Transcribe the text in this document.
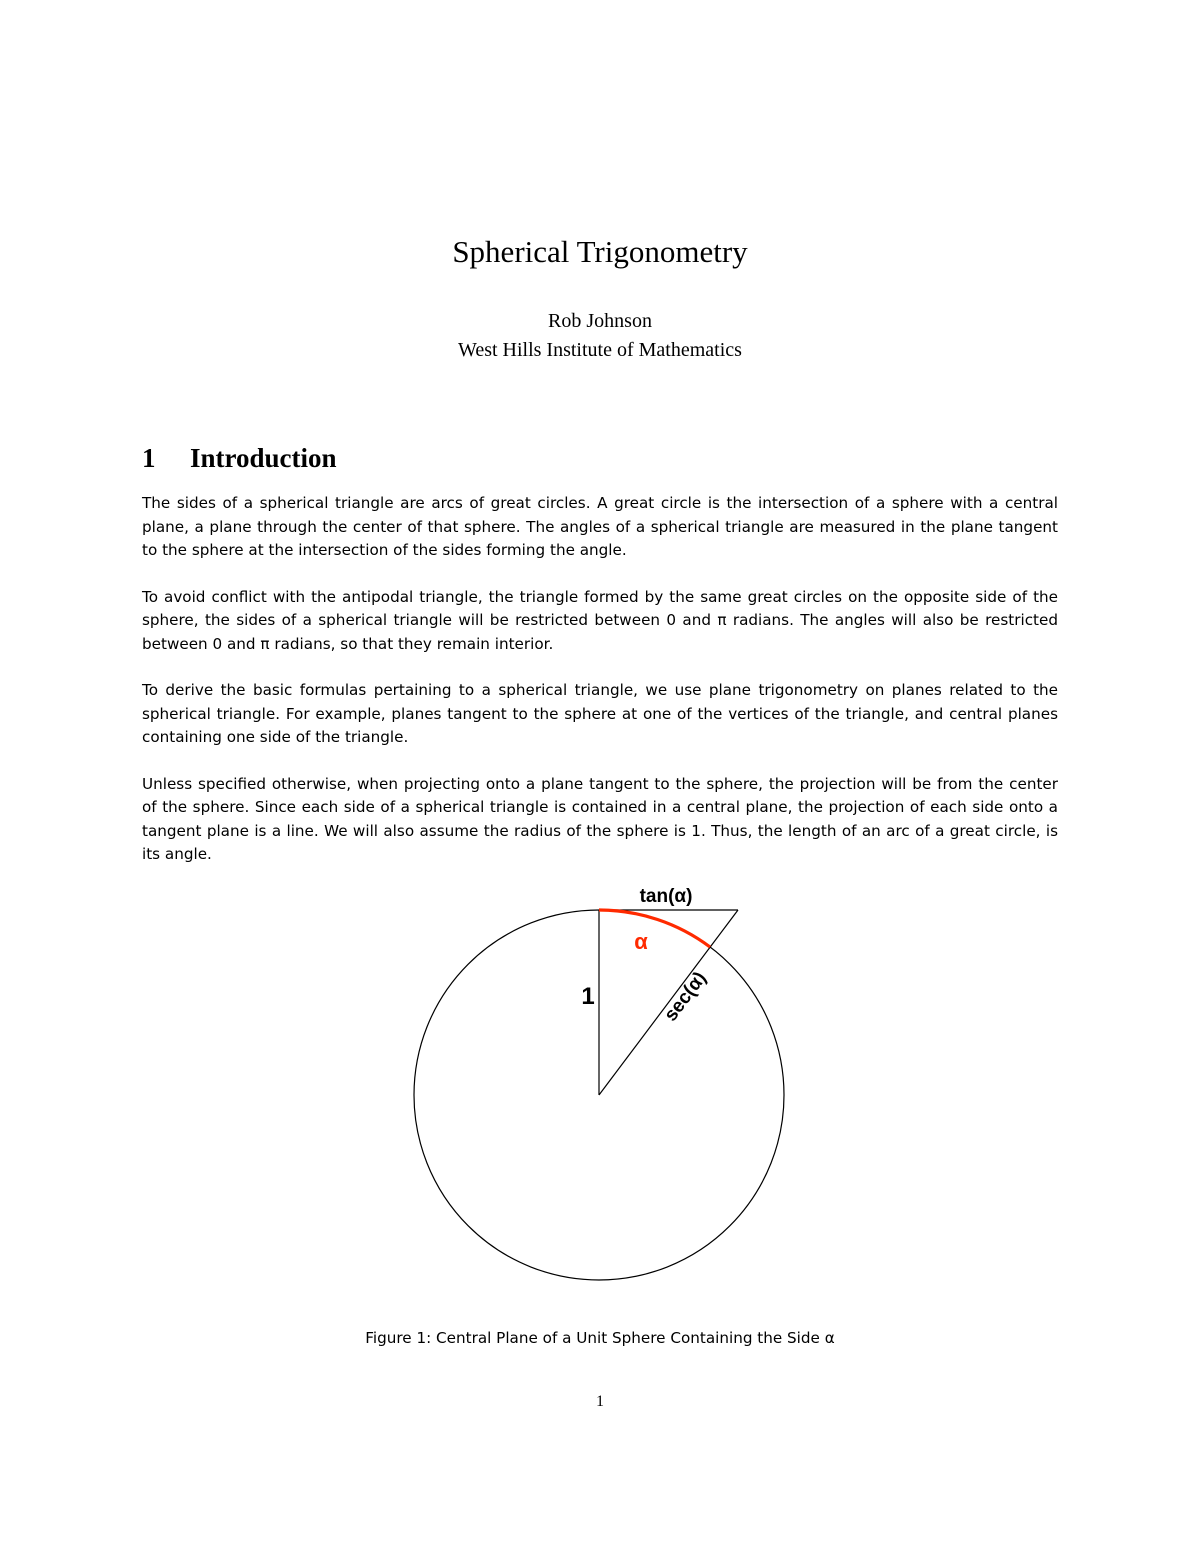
Spherical Trigonometry
Rob Johnson
West Hills Institute of Mathematics
1 Introduction

The sides of a spherical triangle are arcs of great circles. A great circle is the intersection of a sphere with a central plane, a plane through the center of that sphere. The angles of a spherical triangle are measured in the plane tangent to the sphere at the intersection of the sides forming the angle.

To avoid conflict with the antipodal triangle, the triangle formed by the same great circles on the opposite side of the sphere, the sides of a spherical triangle will be restricted between 0 and π radians. The angles will also be restricted between 0 and π radians, so that they remain interior.

To derive the basic formulas pertaining to a spherical triangle, we use plane trigonometry on planes related to the spherical triangle. For example, planes tangent to the sphere at one of the vertices of the triangle, and central planes containing one side of the triangle.

Unless specified otherwise, when projecting onto a plane tangent to the sphere, the projection will be from the center of the sphere. Since each side of a spherical triangle is contained in a central plane, the projection of each side onto a tangent plane is a line. We will also assume the radius of the sphere is 1. Thus, the length of an arc of a great circle, is its angle.

tan(α)
α
1	sec(α)
Figure 1: Central Plane of a Unit Sphere Containing the Side α
1
